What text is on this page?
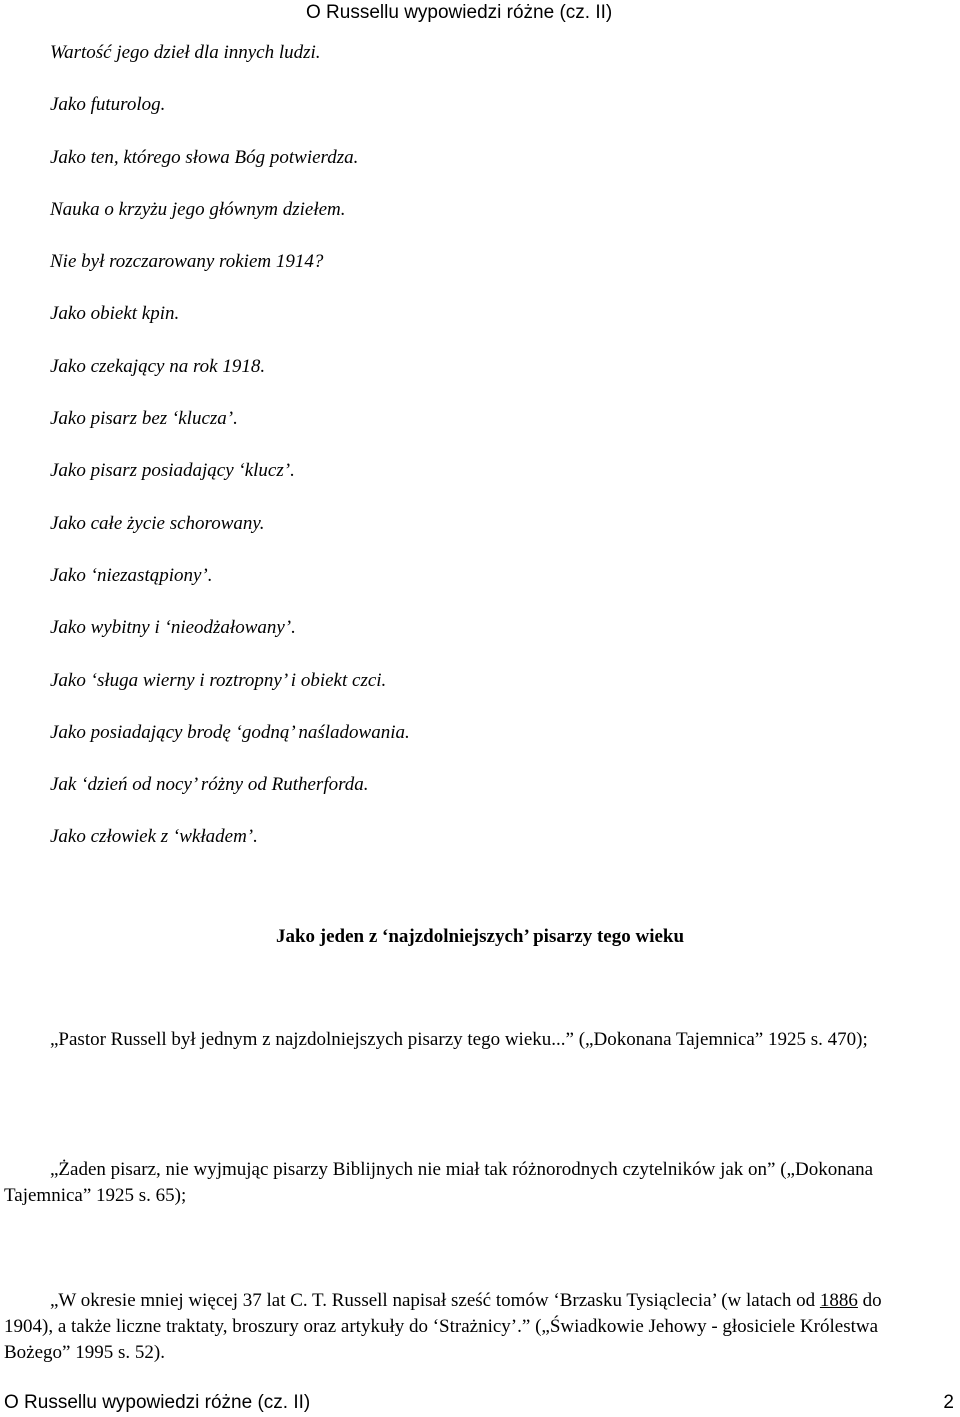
O Russellu wypowiedzi różne (cz. II)
Wartość jego dzieł dla innych ludzi.
Jako futurolog.
Jako ten, którego słowa Bóg potwierdza.
Nauka o krzyżu jego głównym dziełem.
Nie był rozczarowany rokiem 1914?
Jako obiekt kpin.
Jako czekający na rok 1918.
Jako pisarz bez ‘klucza’.
Jako pisarz posiadający ‘klucz’.
Jako całe życie schorowany.
Jako ‘niezastąpiony’.
Jako wybitny i ‘nieodżałowany’.
Jako ‘sługa wierny i roztropny’ i obiekt czci.
Jako posiadający brodę ‘godną’ naśladowania.
Jak ‘dzień od nocy’ różny od Rutherforda.
Jako człowiek z ‘wkładem’.
Jako jeden z ‘najzdolniejszych’ pisarzy tego wieku

„Pastor Russell był jednym z najzdolniejszych pisarzy tego wieku...” („Dokonana Tajemnica” 1925 s. 470);

„Żaden pisarz, nie wyjmując pisarzy Biblijnych nie miał tak różnorodnych czytelników jak on” („Dokonana Tajemnica” 1925 s. 65);

„W okresie mniej więcej 37 lat C. T. Russell napisał sześć tomów ‘Brzasku Tysiąclecia’ (w latach od 1886 do 1904), a także liczne traktaty, broszury oraz artykuły do ‘Strażnicy’.” („Świadkowie Jehowy - głosiciele Królestwa Bożego” 1995 s. 52).

O Russellu wypowiedzi różne (cz. II)	2
